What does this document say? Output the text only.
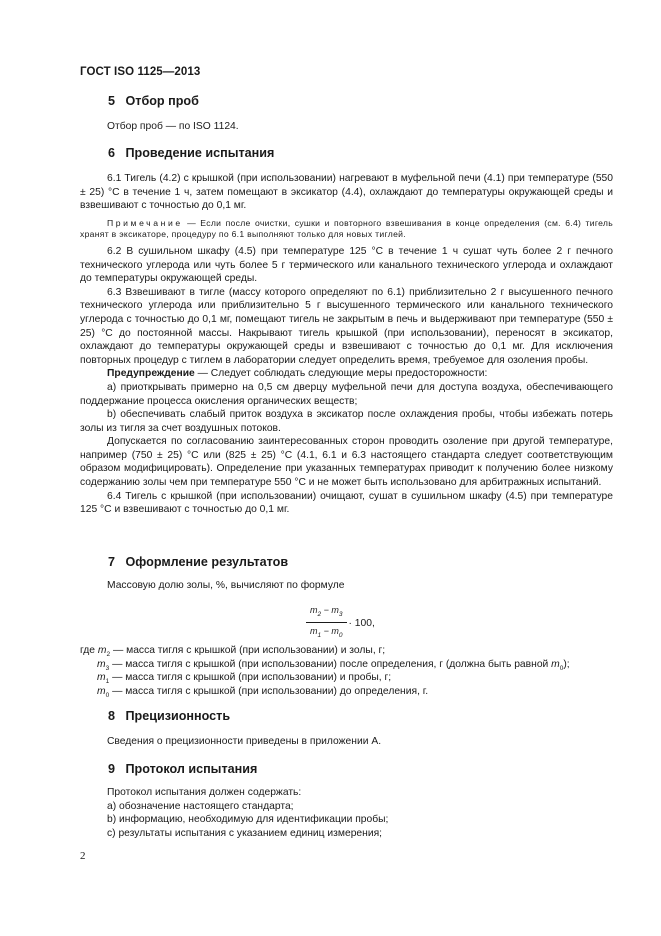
ГОСТ ISO 1125—2013
5 Отбор проб
Отбор проб — по ISO 1124.
6 Проведение испытания

6.1 Тигель (4.2) с крышкой (при использовании) нагревают в муфельной печи (4.1) при температуре (550 ± 25) °С в течение 1 ч, затем помещают в эксикатор (4.4), охлаждают до температуры окружающей среды и взвешивают с точностью до 0,1 мг.

Примечание — Если после очистки, сушки и повторного взвешивания в конце определения (см. 6.4) тигель хранят в эксикаторе, процедуру по 6.1 выполняют только для новых тиглей.

6.2 В сушильном шкафу (4.5) при температуре 125 °С в течение 1 ч сушат чуть более 2 г печного технического углерода или чуть более 5 г термического или канального технического углерода и охлаждают до температуры окружающей среды.

6.3 Взвешивают в тигле (массу которого определяют по 6.1) приблизительно 2 г высушенного печного технического углерода или приблизительно 5 г высушенного термического или канального технического углерода с точностью до 0,1 мг, помещают тигель не закрытым в печь и выдерживают при температуре (550 ± 25) °С до постоянной массы. Накрывают тигель крышкой (при использовании), переносят в эксикатор, охлаждают до температуры окружающей среды и взвешивают с точностью до 0,1 мг. Для исключения повторных процедур с тиглем в лаборатории следует определить время, требуемое для озоления пробы.

Предупреждение — Следует соблюдать следующие меры предосторожности:

a) приоткрывать примерно на 0,5 см дверцу муфельной печи для доступа воздуха, обеспечивающего поддержание процесса окисления органических веществ;

b) обеспечивать слабый приток воздуха в эксикатор после охлаждения пробы, чтобы избежать потерь золы из тигля за счет воздушных потоков.

Допускается по согласованию заинтересованных сторон проводить озоление при другой температуре, например (750 ± 25) °С или (825 ± 25) °С (4.1, 6.1 и 6.3 настоящего стандарта следует соответствующим образом модифицировать). Определение при указанных температурах приводит к получению более низкому содержанию золы чем при температуре 550 °С и не может быть использовано для арбитражных испытаний.

6.4 Тигель с крышкой (при использовании) очищают, сушат в сушильном шкафу (4.5) при температуре 125 °С и взвешивают с точностью до 0,1 мг.

7 Оформление результатов
Массовую долю золы, %, вычисляют по формуле
$\frac{m_2 - m_3}{m_1 - m_0} \cdot 100$,
где $m_2$ — масса тигля с крышкой (при использовании) и золы, г;
$m_3$ — масса тигля с крышкой (при использовании) после определения, г (должна быть равной $m_0$);
$m_1$ — масса тигля с крышкой (при использовании) и пробы, г;
$m_0$ — масса тигля с крышкой (при использовании) до определения, г.
8 Прецизионность
Сведения о прецизионности приведены в приложении А.
9 Протокол испытания

Протокол испытания должен содержать:

а) обозначение настоящего стандарта;

b) информацию, необходимую для идентификации пробы;

c) результаты испытания с указанием единиц измерения;

2
